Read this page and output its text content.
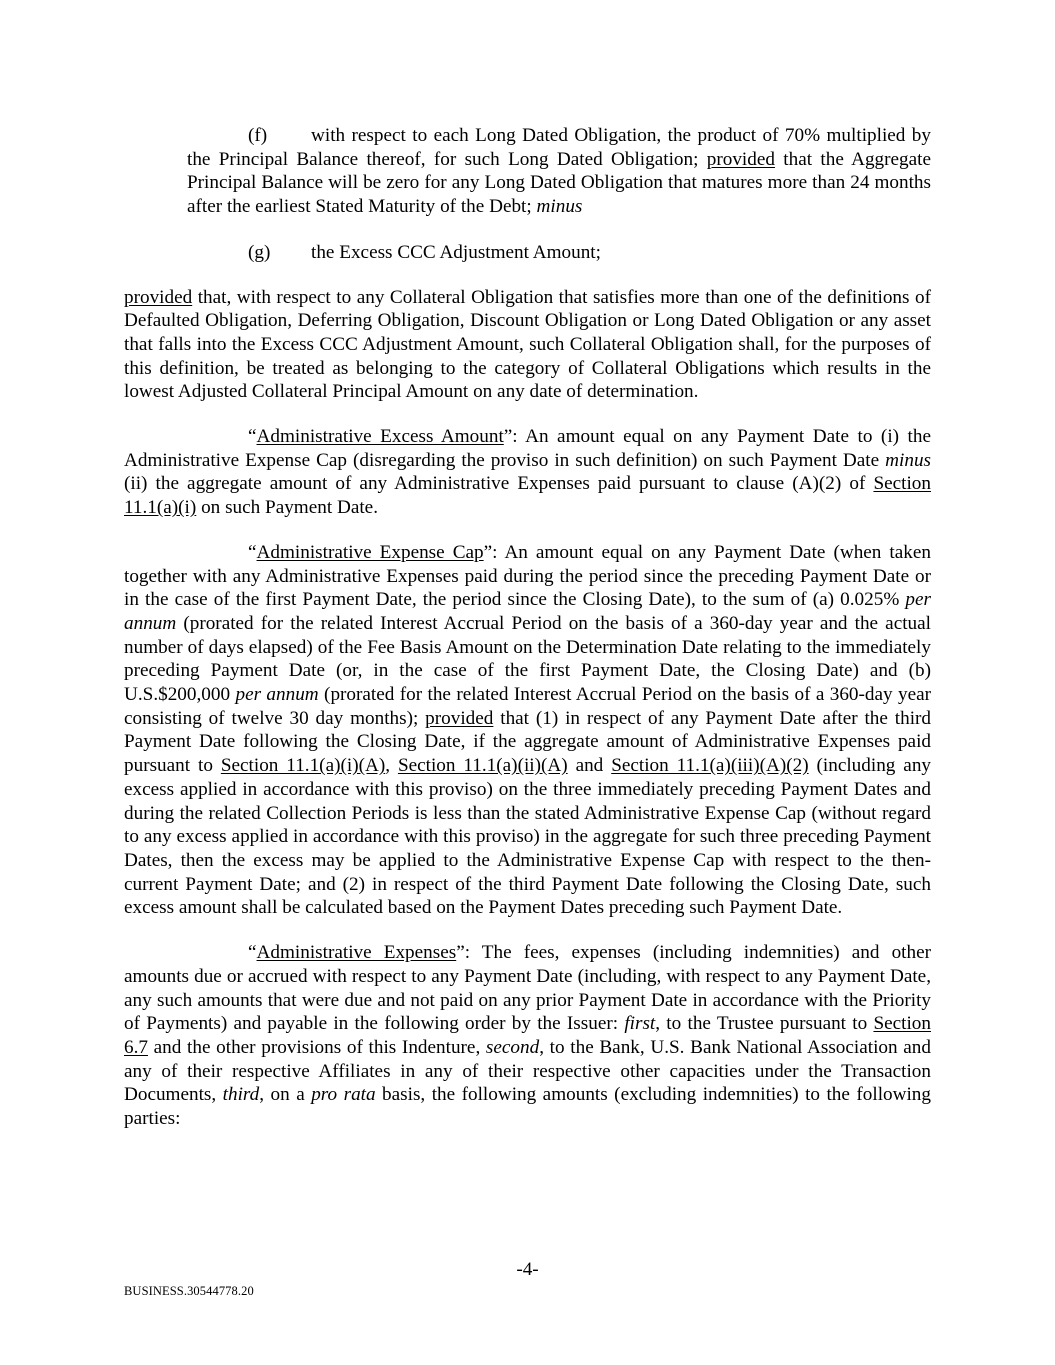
(f) with respect to each Long Dated Obligation, the product of 70% multiplied by the Principal Balance thereof, for such Long Dated Obligation; provided that the Aggregate Principal Balance will be zero for any Long Dated Obligation that matures more than 24 months after the earliest Stated Maturity of the Debt; minus

(g) the Excess CCC Adjustment Amount;

provided that, with respect to any Collateral Obligation that satisfies more than one of the definitions of Defaulted Obligation, Deferring Obligation, Discount Obligation or Long Dated Obligation or any asset that falls into the Excess CCC Adjustment Amount, such Collateral Obligation shall, for the purposes of this definition, be treated as belonging to the category of Collateral Obligations which results in the lowest Adjusted Collateral Principal Amount on any date of determination.

“Administrative Excess Amount”: An amount equal on any Payment Date to (i) the Administrative Expense Cap (disregarding the proviso in such definition) on such Payment Date minus (ii) the aggregate amount of any Administrative Expenses paid pursuant to clause (A)(2) of Section 11.1(a)(i) on such Payment Date.

“Administrative Expense Cap”: An amount equal on any Payment Date (when taken together with any Administrative Expenses paid during the period since the preceding Payment Date or in the case of the first Payment Date, the period since the Closing Date), to the sum of (a) 0.025% per annum (prorated for the related Interest Accrual Period on the basis of a 360-day year and the actual number of days elapsed) of the Fee Basis Amount on the Determination Date relating to the immediately preceding Payment Date (or, in the case of the first Payment Date, the Closing Date) and (b) U.S.$200,000 per annum (prorated for the related Interest Accrual Period on the basis of a 360-day year consisting of twelve 30 day months); provided that (1) in respect of any Payment Date after the third Payment Date following the Closing Date, if the aggregate amount of Administrative Expenses paid pursuant to Section 11.1(a)(i)(A), Section 11.1(a)(ii)(A) and Section 11.1(a)(iii)(A)(2) (including any excess applied in accordance with this proviso) on the three immediately preceding Payment Dates and during the related Collection Periods is less than the stated Administrative Expense Cap (without regard to any excess applied in accordance with this proviso) in the aggregate for such three preceding Payment Dates, then the excess may be applied to the Administrative Expense Cap with respect to the then-current Payment Date; and (2) in respect of the third Payment Date following the Closing Date, such excess amount shall be calculated based on the Payment Dates preceding such Payment Date.

“Administrative Expenses”: The fees, expenses (including indemnities) and other amounts due or accrued with respect to any Payment Date (including, with respect to any Payment Date, any such amounts that were due and not paid on any prior Payment Date in accordance with the Priority of Payments) and payable in the following order by the Issuer: first, to the Trustee pursuant to Section 6.7 and the other provisions of this Indenture, second, to the Bank, U.S. Bank National Association and any of their respective Affiliates in any of their respective other capacities under the Transaction Documents, third, on a pro rata basis, the following amounts (excluding indemnities) to the following parties:

-4-
BUSINESS.30544778.20
